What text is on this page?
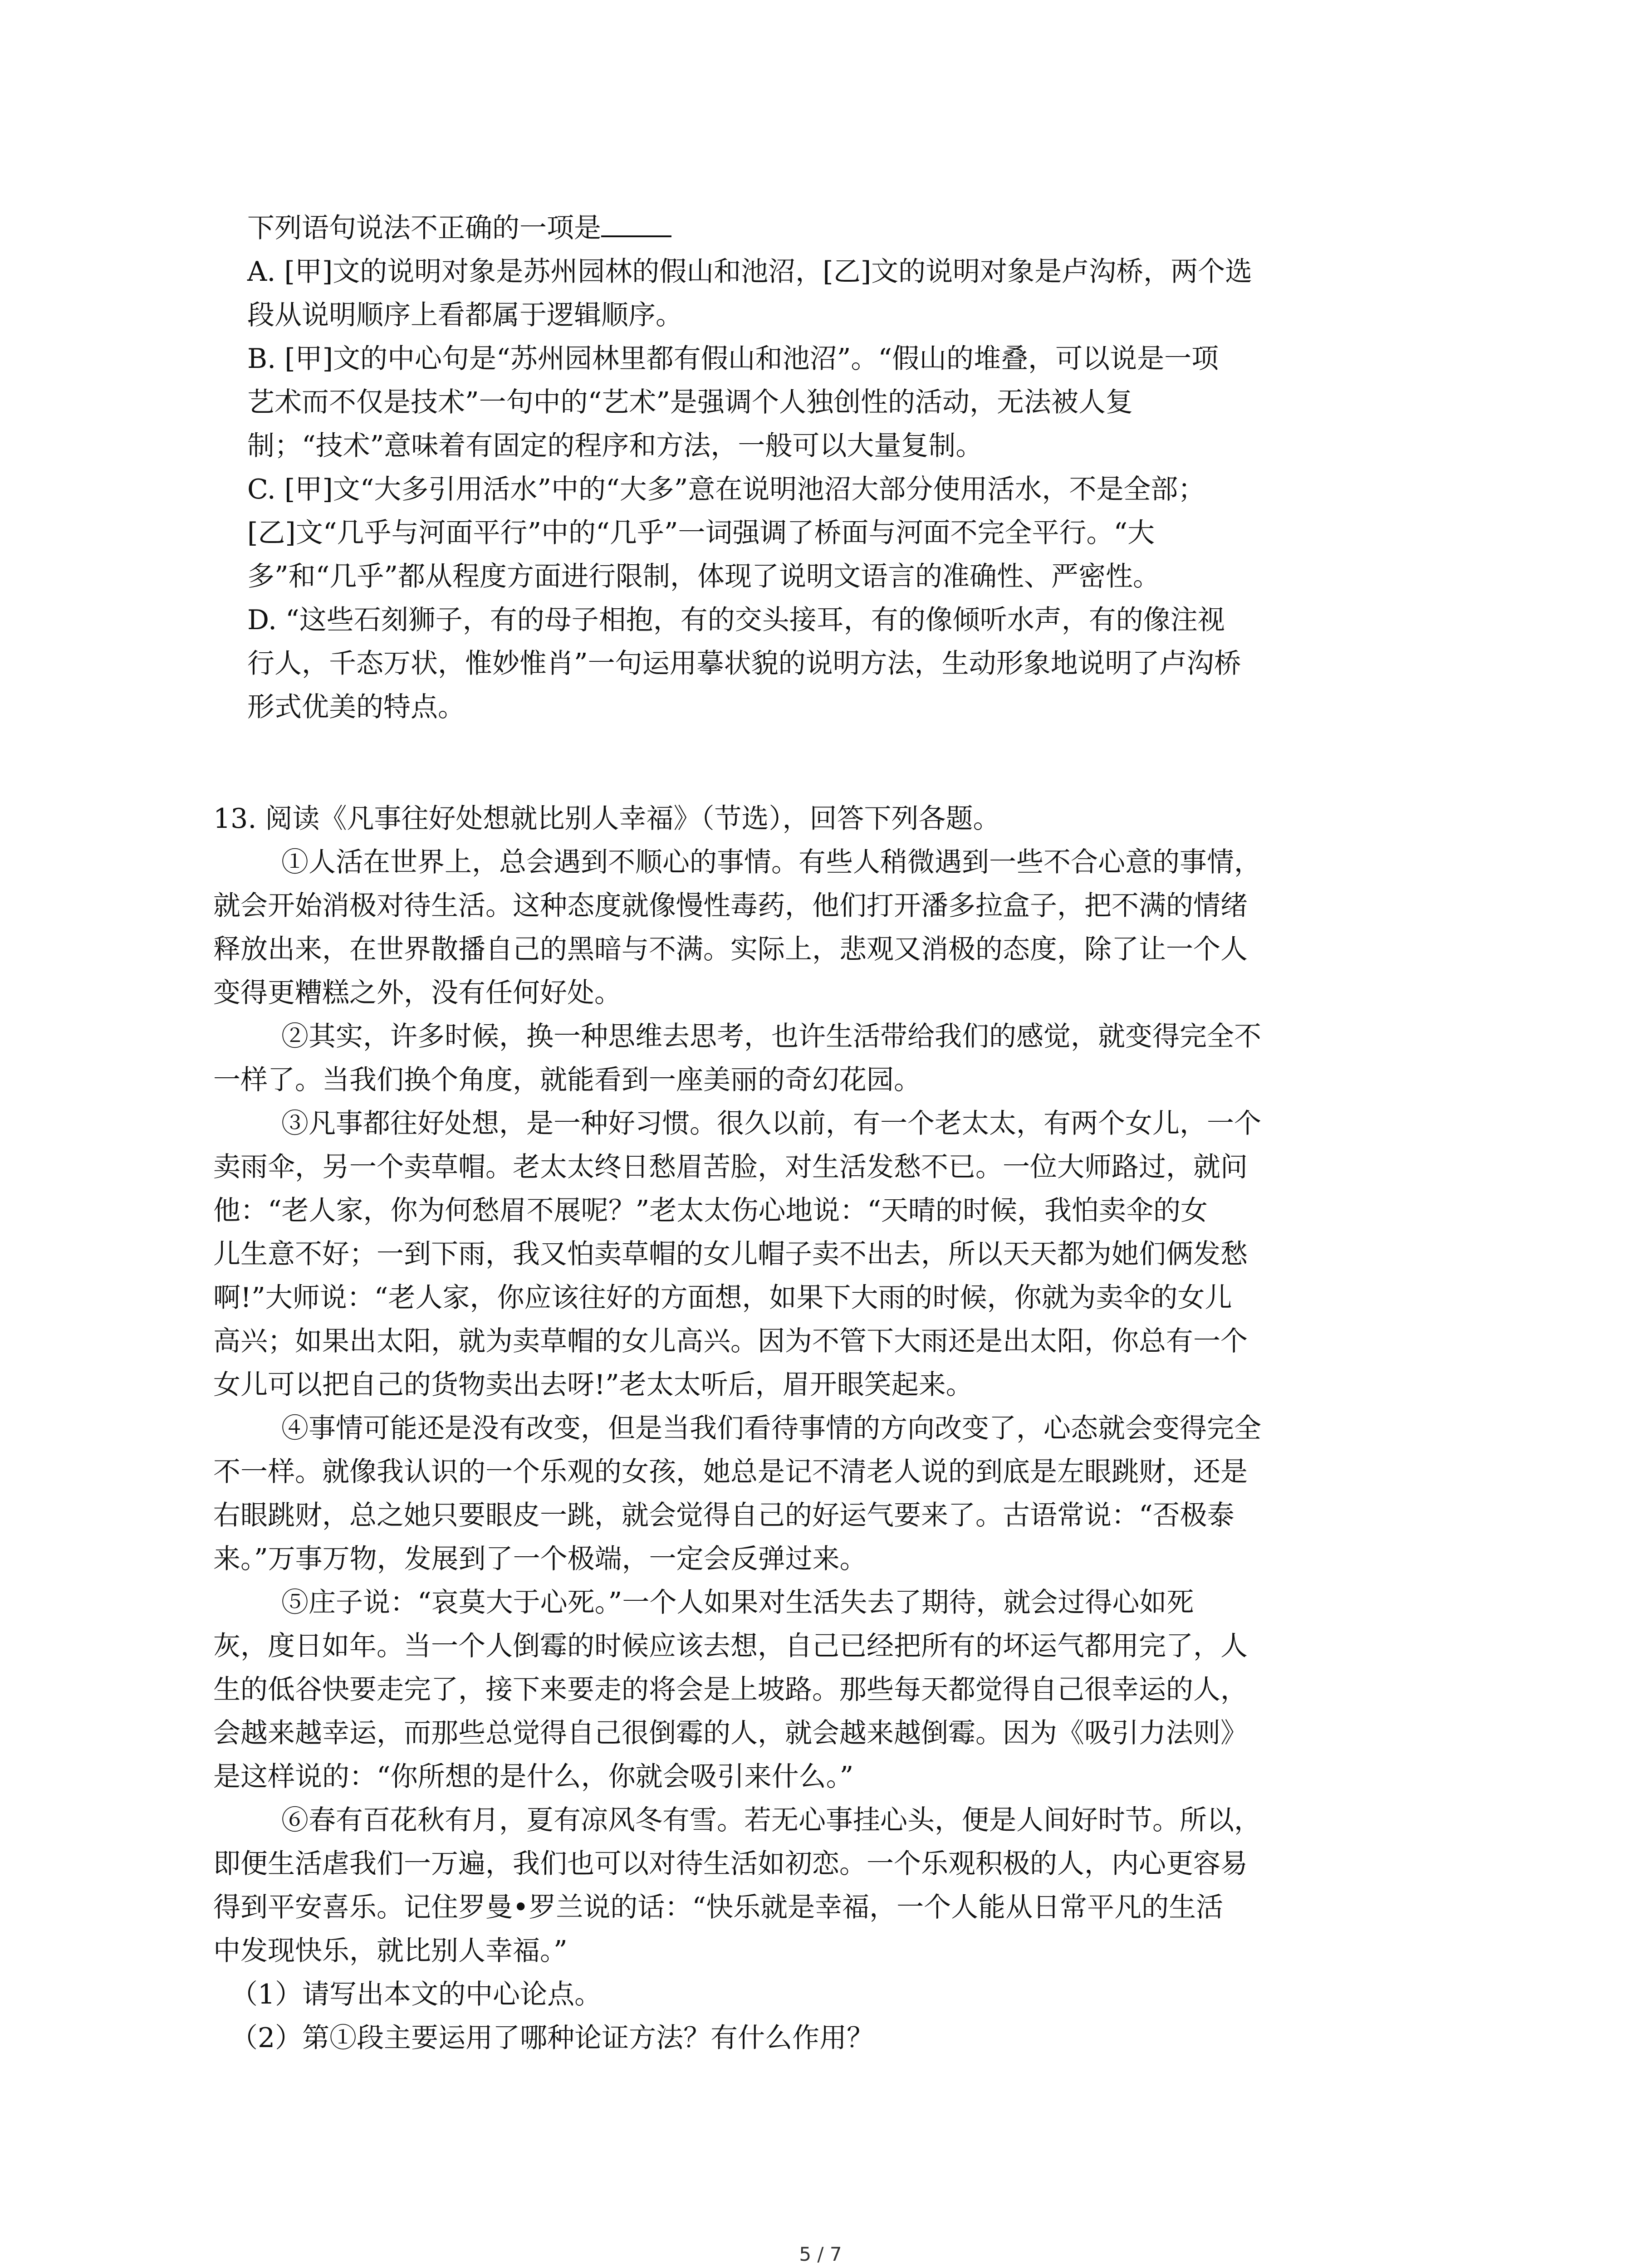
下列语句说法不正确的一项是
A. [甲]文的说明对象是苏州园林的假山和池沼，[乙]文的说明对象是卢沟桥，两个选
段从说明顺序上看都属于逻辑顺序。
B. [甲]文的中心句是“苏州园林里都有假山和池沼”。“假山的堆叠，可以说是一项
艺术而不仅是技术”一句中的“艺术”是强调个人独创性的活动，无法被人复
制；“技术”意味着有固定的程序和方法，一般可以大量复制。
C. [甲]文“大多引用活水”中的“大多”意在说明池沼大部分使用活水，不是全部；
[乙]文“几乎与河面平行”中的“几乎”一词强调了桥面与河面不完全平行。“大
多”和“几乎”都从程度方面进行限制，体现了说明文语言的准确性、严密性。
D. “这些石刻狮子，有的母子相抱，有的交头接耳，有的像倾听水声，有的像注视
行人，千态万状，惟妙惟肖”一句运用摹状貌的说明方法，生动形象地说明了卢沟桥
形式优美的特点。
13. 阅读《凡事往好处想就比别人幸福》（节选），回答下列各题。
①人活在世界上，总会遇到不顺心的事情。有些人稍微遇到一些不合心意的事情，
就会开始消极对待生活。这种态度就像慢性毒药，他们打开潘多拉盒子，把不满的情绪
释放出来，在世界散播自己的黑暗与不满。实际上，悲观又消极的态度，除了让一个人
变得更糟糕之外，没有任何好处。
②其实，许多时候，换一种思维去思考，也许生活带给我们的感觉，就变得完全不
一样了。当我们换个角度，就能看到一座美丽的奇幻花园。
③凡事都往好处想，是一种好习惯。很久以前，有一个老太太，有两个女儿，一个
卖雨伞，另一个卖草帽。老太太终日愁眉苦脸，对生活发愁不已。一位大师路过，就问
他：“老人家，你为何愁眉不展呢？”老太太伤心地说：“天晴的时候，我怕卖伞的女
儿生意不好；一到下雨，我又怕卖草帽的女儿帽子卖不出去，所以天天都为她们俩发愁
啊!”大师说：“老人家，你应该往好的方面想，如果下大雨的时候，你就为卖伞的女儿
高兴；如果出太阳，就为卖草帽的女儿高兴。因为不管下大雨还是出太阳，你总有一个
女儿可以把自己的货物卖出去呀!”老太太听后，眉开眼笑起来。
④事情可能还是没有改变，但是当我们看待事情的方向改变了，心态就会变得完全
不一样。就像我认识的一个乐观的女孩，她总是记不清老人说的到底是左眼跳财，还是
右眼跳财，总之她只要眼皮一跳，就会觉得自己的好运气要来了。古语常说：“否极泰
来。”万事万物，发展到了一个极端，一定会反弹过来。
⑤庄子说：“哀莫大于心死。”一个人如果对生活失去了期待，就会过得心如死
灰，度日如年。当一个人倒霉的时候应该去想，自己已经把所有的坏运气都用完了，人
生的低谷快要走完了，接下来要走的将会是上坡路。那些每天都觉得自己很幸运的人，
会越来越幸运，而那些总觉得自己很倒霉的人，就会越来越倒霉。因为《吸引力法则》
是这样说的：“你所想的是什么，你就会吸引来什么。”
⑥春有百花秋有月，夏有凉风冬有雪。若无心事挂心头，便是人间好时节。所以，
即便生活虐我们一万遍，我们也可以对待生活如初恋。一个乐观积极的人，内心更容易
得到平安喜乐。记住罗曼•罗兰说的话：“快乐就是幸福，一个人能从日常平凡的生活
中发现快乐，就比别人幸福。”
（1）请写出本文的中心论点。
（2）第①段主要运用了哪种论证方法？有什么作用？
5 / 7
